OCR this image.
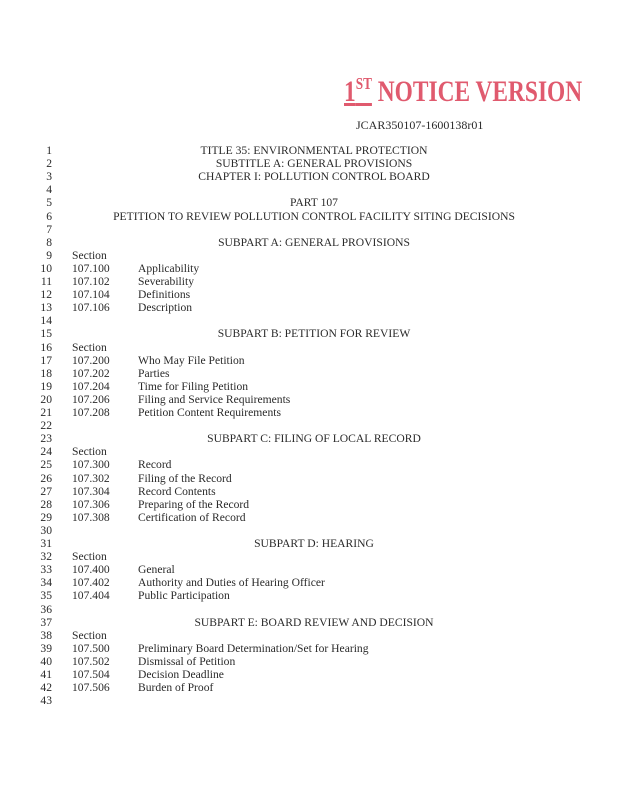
1ST NOTICE VERSION
JCAR350107-1600138r01
1	TITLE 35: ENVIRONMENTAL PROTECTION
2	SUBTITLE A: GENERAL PROVISIONS
3	CHAPTER I: POLLUTION CONTROL BOARD
4
5	PART 107
6	PETITION TO REVIEW POLLUTION CONTROL FACILITY SITING DECISIONS
7
8	SUBPART A: GENERAL PROVISIONS
9 Section
10 107.100 Applicability
11 107.102 Severability
12 107.104 Definitions
13 107.106 Description
14
15	SUBPART B: PETITION FOR REVIEW
16 Section
17 107.200 Who May File Petition
18 107.202 Parties
19 107.204 Time for Filing Petition
20 107.206 Filing and Service Requirements
21 107.208 Petition Content Requirements
22
23	SUBPART C: FILING OF LOCAL RECORD
24 Section
25 107.300 Record
26 107.302 Filing of the Record
27 107.304 Record Contents
28 107.306 Preparing of the Record
29 107.308 Certification of Record
30
31	SUBPART D: HEARING
32 Section
33 107.400 General
34 107.402 Authority and Duties of Hearing Officer
35 107.404 Public Participation
36
37	SUBPART E: BOARD REVIEW AND DECISION
38 Section
39 107.500 Preliminary Board Determination/Set for Hearing
40 107.502 Dismissal of Petition
41 107.504 Decision Deadline
42 107.506 Burden of Proof
43
